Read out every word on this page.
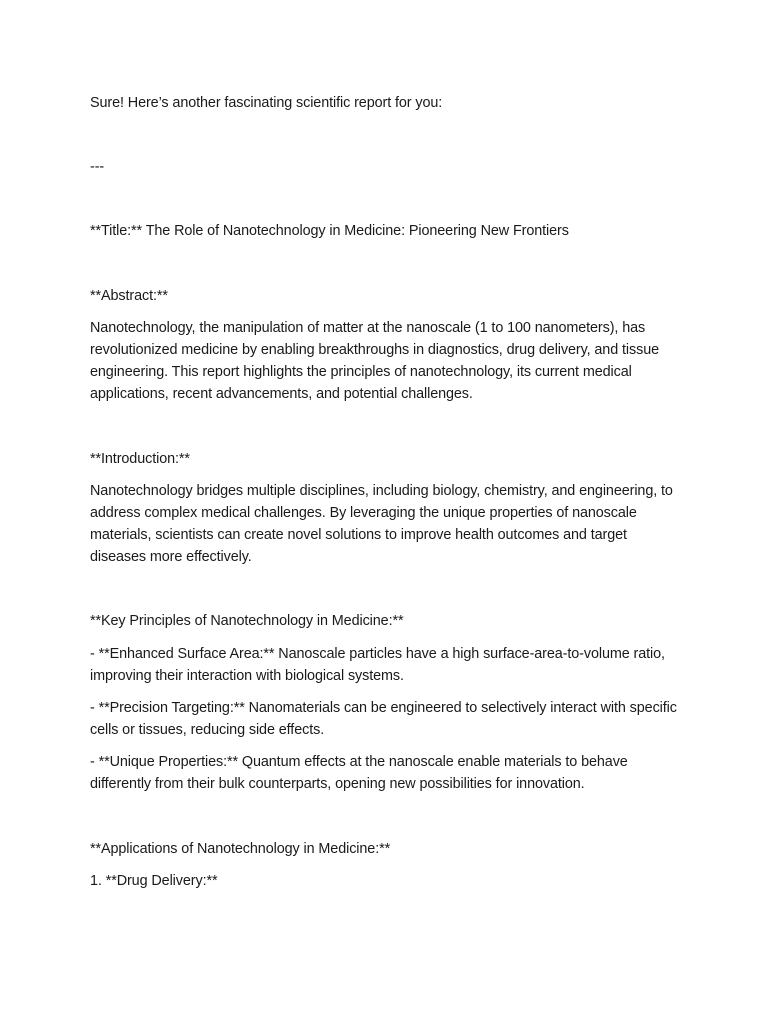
Sure! Here’s another fascinating scientific report for you:

---

**Title:** The Role of Nanotechnology in Medicine: Pioneering New Frontiers

**Abstract:**

Nanotechnology, the manipulation of matter at the nanoscale (1 to 100 nanometers), has revolutionized medicine by enabling breakthroughs in diagnostics, drug delivery, and tissue engineering. This report highlights the principles of nanotechnology, its current medical applications, recent advancements, and potential challenges.

**Introduction:**

Nanotechnology bridges multiple disciplines, including biology, chemistry, and engineering, to address complex medical challenges. By leveraging the unique properties of nanoscale materials, scientists can create novel solutions to improve health outcomes and target diseases more effectively.

**Key Principles of Nanotechnology in Medicine:**

- **Enhanced Surface Area:** Nanoscale particles have a high surface-area-to-volume ratio, improving their interaction with biological systems.

- **Precision Targeting:** Nanomaterials can be engineered to selectively interact with specific cells or tissues, reducing side effects.

- **Unique Properties:** Quantum effects at the nanoscale enable materials to behave differently from their bulk counterparts, opening new possibilities for innovation.

**Applications of Nanotechnology in Medicine:**

1. **Drug Delivery:**
